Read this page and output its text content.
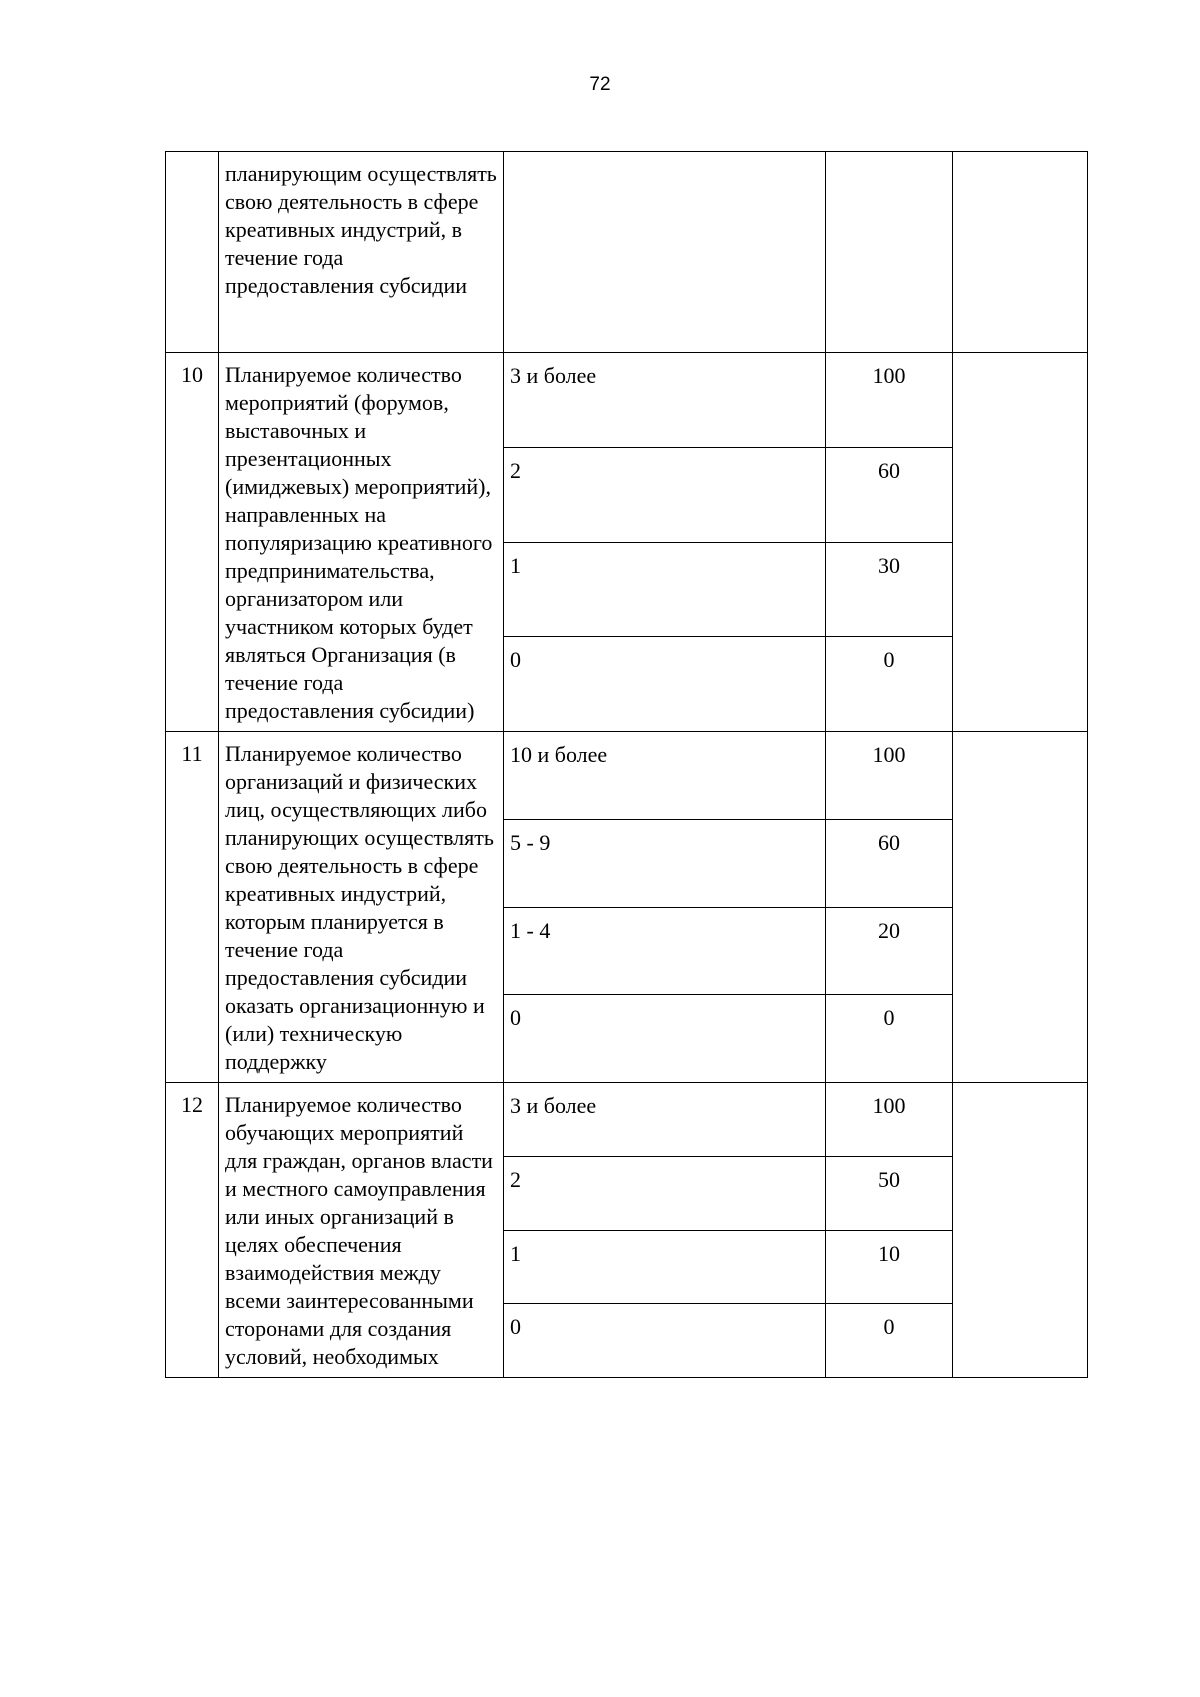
72

	планирующим осуществлять свою деятельность в сфере креативных индустрий, в течение года предоставления субсидии			

10	Планируемое количество мероприятий (форумов, выставочных и презентационных (имиджевых) мероприятий), направленных на популяризацию креативного предпринимательства, организатором или участником которых будет являться Организация (в течение года предоставления субсидии)	3 и более	100	

		2	60	

		1	30	

		0	0	

11	Планируемое количество организаций и физических лиц, осуществляющих либо планирующих осуществлять свою деятельность в сфере креативных индустрий, которым планируется в течение года предоставления субсидии оказать организационную и (или) техническую поддержку	10 и более	100	

		5 - 9	60	

		1 - 4	20	

		0	0	

12	Планируемое количество обучающих мероприятий для граждан, органов власти и местного самоуправления или иных организаций в целях обеспечения взаимодействия между всеми заинтересованными сторонами для создания условий, необходимых	3 и более	100	

		2	50	

		1	10	

		0	0	
